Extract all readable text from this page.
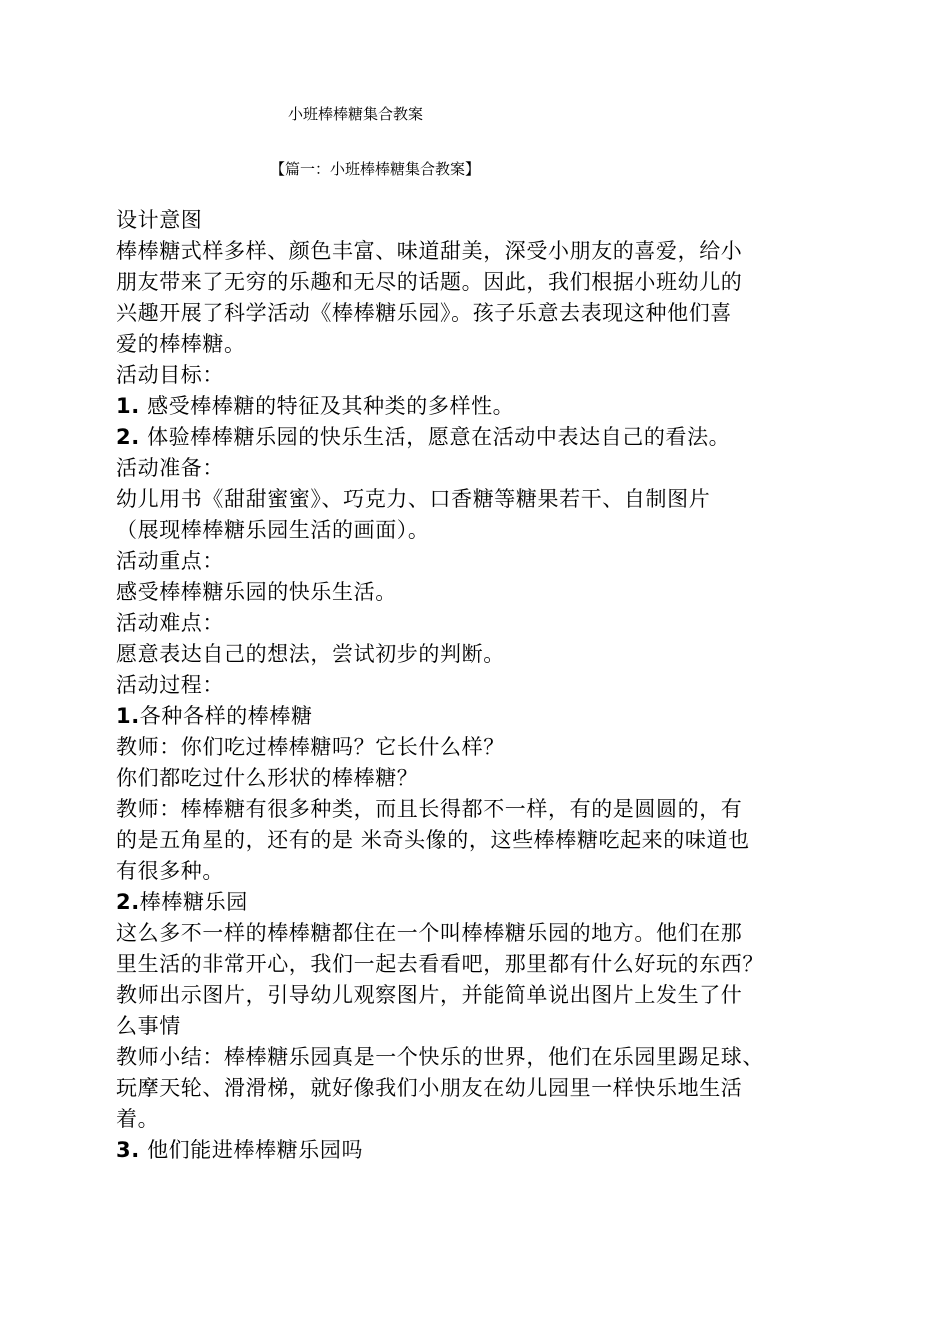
小班棒棒糖集合教案
【篇一：小班棒棒糖集合教案】
设计意图
棒棒糖式样多样、颜色丰富、味道甜美，深受小朋友的喜爱，给小
朋友带来了无穷的乐趣和无尽的话题。因此，我们根据小班幼儿的
兴趣开展了科学活动《棒棒糖乐园》。孩子乐意去表现这种他们喜
爱的棒棒糖。
活动目标：
1. 感受棒棒糖的特征及其种类的多样性。
2. 体验棒棒糖乐园的快乐生活，愿意在活动中表达自己的看法。
活动准备：
幼儿用书《甜甜蜜蜜》、巧克力、口香糖等糖果若干、自制图片
（展现棒棒糖乐园生活的画面）。
活动重点：
感受棒棒糖乐园的快乐生活。
活动难点：
愿意表达自己的想法，尝试初步的判断。
活动过程：
1.各种各样的棒棒糖
教师：你们吃过棒棒糖吗？它长什么样？
你们都吃过什么形状的棒棒糖？
教师：棒棒糖有很多种类，而且长得都不一样，有的是圆圆的，有
的是五角星的，还有的是 米奇头像的，这些棒棒糖吃起来的味道也
有很多种。
2.棒棒糖乐园
这么多不一样的棒棒糖都住在一个叫棒棒糖乐园的地方。他们在那
里生活的非常开心，我们一起去看看吧，那里都有什么好玩的东西？
教师出示图片，引导幼儿观察图片，并能简单说出图片上发生了什
么事情
教师小结：棒棒糖乐园真是一个快乐的世界，他们在乐园里踢足球、
玩摩天轮、滑滑梯，就好像我们小朋友在幼儿园里一样快乐地生活
着。
3. 他们能进棒棒糖乐园吗
